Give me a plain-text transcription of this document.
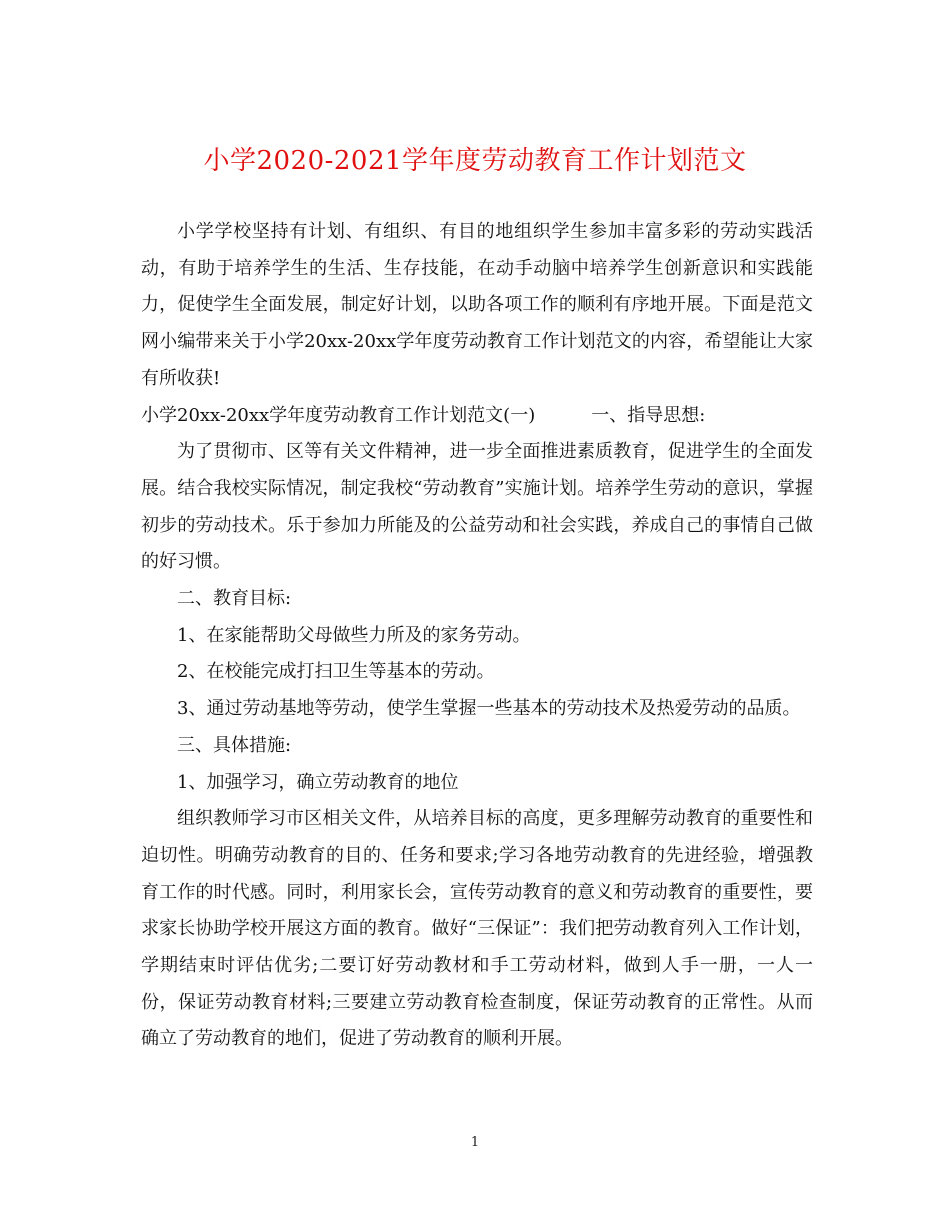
小学2020-2021学年度劳动教育工作计划范文

小学学校坚持有计划、有组织、有目的地组织学生参加丰富多彩的劳动实践活动，有助于培养学生的生活、生存技能，在动手动脑中培养学生创新意识和实践能力，促使学生全面发展，制定好计划，以助各项工作的顺利有序地开展。下面是范文网小编带来关于小学20xx-20xx学年度劳动教育工作计划范文的内容，希望能让大家有所收获!

小学20xx-20xx学年度劳动教育工作计划范文(一)	一、指导思想:

为了贯彻市、区等有关文件精神，进一步全面推进素质教育，促进学生的全面发展。结合我校实际情况，制定我校“劳动教育”实施计划。培养学生劳动的意识，掌握初步的劳动技术。乐于参加力所能及的公益劳动和社会实践，养成自己的事情自己做的好习惯。

二、教育目标:

1、在家能帮助父母做些力所及的家务劳动。

2、在校能完成打扫卫生等基本的劳动。

3、通过劳动基地等劳动，使学生掌握一些基本的劳动技术及热爱劳动的品质。

三、具体措施:

1、加强学习，确立劳动教育的地位

组织教师学习市区相关文件，从培养目标的高度，更多理解劳动教育的重要性和迫切性。明确劳动教育的目的、任务和要求;学习各地劳动教育的先进经验，增强教育工作的时代感。同时，利用家长会，宣传劳动教育的意义和劳动教育的重要性，要求家长协助学校开展这方面的教育。做好“三保证”：我们把劳动教育列入工作计划，学期结束时评估优劣;二要订好劳动教材和手工劳动材料，做到人手一册，一人一份，保证劳动教育材料;三要建立劳动教育检查制度，保证劳动教育的正常性。从而确立了劳动教育的地们，促进了劳动教育的顺利开展。

1
